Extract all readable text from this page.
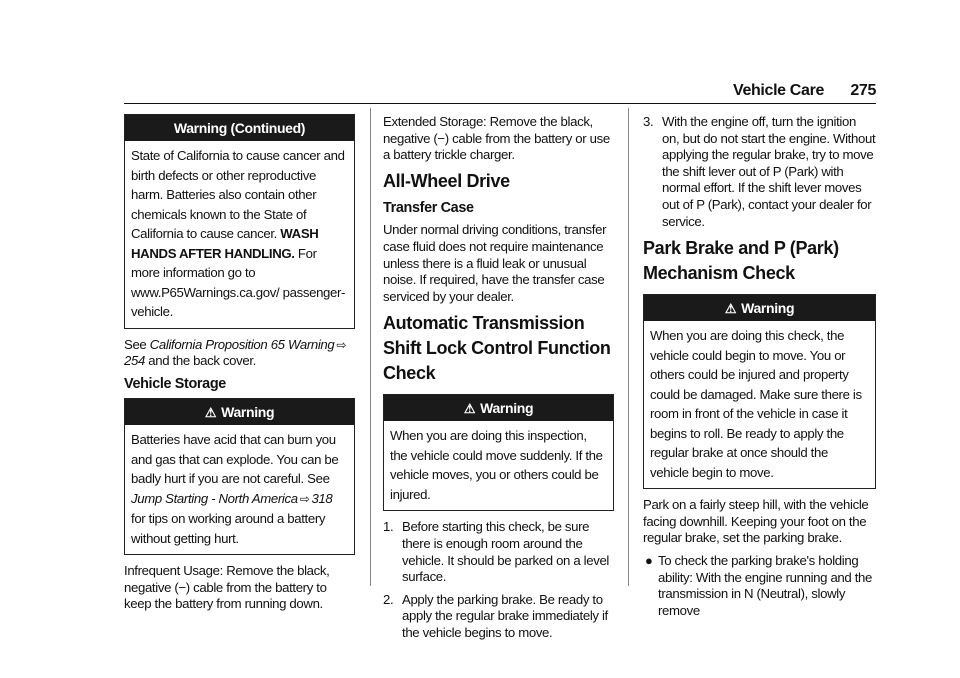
Vehicle Care 275
Warning (Continued)
State of California to cause cancer and birth defects or other reproductive harm. Batteries also contain other chemicals known to the State of California to cause cancer. WASH HANDS AFTER HANDLING. For more information go to www.P65Warnings.ca.gov/ passenger-vehicle.

See California Proposition 65 Warning ⇨254 and the back cover.

Vehicle Storage
⚠ Warning
Batteries have acid that can burn you and gas that can explode. You can be badly hurt if you are not careful. See Jump Starting - North America ⇨ 318 for tips on working around a battery without getting hurt.

Infrequent Usage: Remove the black, negative (−) cable from the battery to keep the battery from running down.

Extended Storage: Remove the black, negative (−) cable from the battery or use a battery trickle charger.

All-Wheel Drive
Transfer Case

Under normal driving conditions, transfer case fluid does not require maintenance unless there is a fluid leak or unusual noise. If required, have the transfer case serviced by your dealer.

Automatic Transmission Shift Lock Control Function Check
⚠ Warning
When you are doing this inspection, the vehicle could move suddenly. If the vehicle moves, you or others could be injured.
1. Before starting this check, be sure there is enough room around the vehicle. It should be parked on a level surface.
2. Apply the parking brake. Be ready to apply the regular brake immediately if the vehicle begins to move.
3. With the engine off, turn the ignition on, but do not start the engine. Without applying the regular brake, try to move the shift lever out of P (Park) with normal effort. If the shift lever moves out of P (Park), contact your dealer for service.
Park Brake and P (Park) Mechanism Check
⚠ Warning
When you are doing this check, the vehicle could begin to move. You or others could be injured and property could be damaged. Make sure there is room in front of the vehicle in case it begins to roll. Be ready to apply the regular brake at once should the vehicle begin to move.

Park on a fairly steep hill, with the vehicle facing downhill. Keeping your foot on the regular brake, set the parking brake.

● To check the parking brake's holding ability: With the engine running and the transmission in N (Neutral), slowly remove
